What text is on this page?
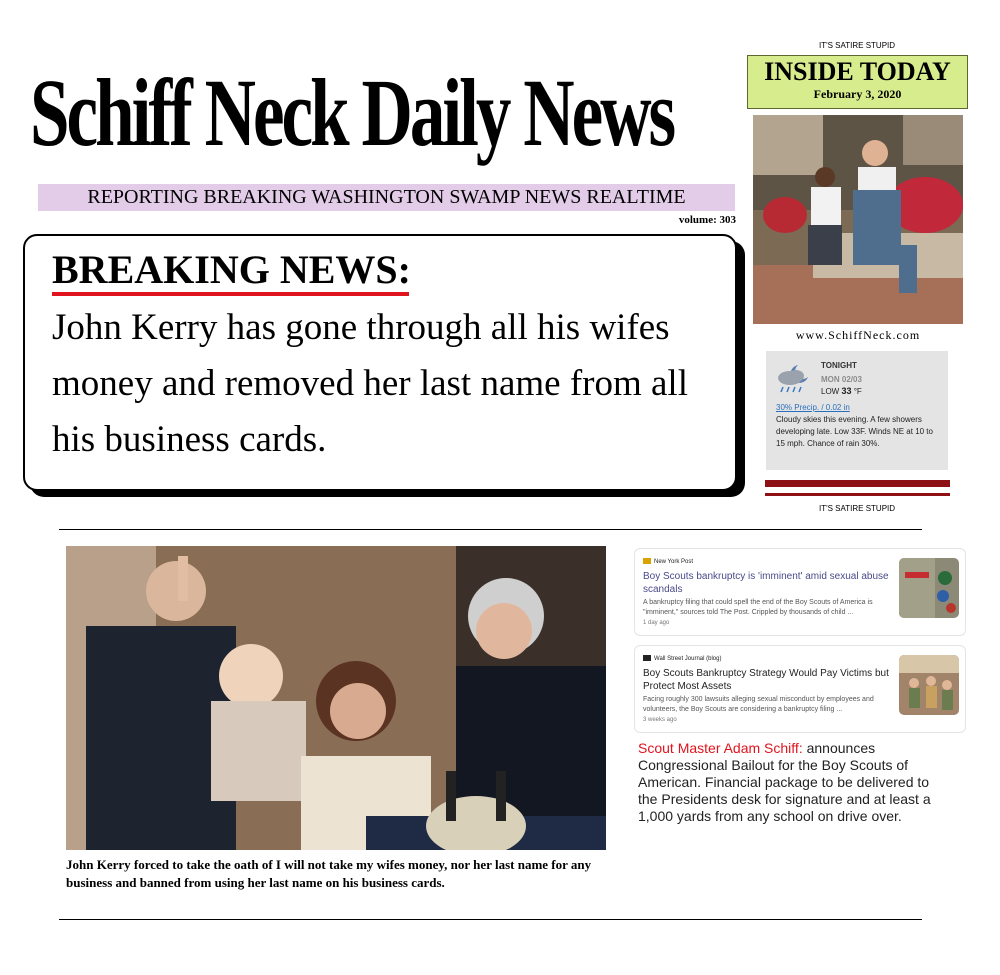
IT'S SATIRE STUPID
Schiff Neck Daily News
REPORTING BREAKING WASHINGTON SWAMP NEWS REALTIME
volume: 303
BREAKING NEWS:
John Kerry has gone through all his wifes money and removed her last name from all his business cards.
INSIDE TODAY
February 3, 2020
www.SchiffNeck.com
TONIGHT
MON 02/03
LOW 33 °F
30% Precip. / 0.02 in
Cloudy skies this evening. A few showers developing late. Low 33F. Winds NE at 10 to 15 mph. Chance of rain 30%.
IT'S SATIRE STUPID
John Kerry forced to take the oath of I will not take my wifes money, nor her last name for any business and banned from using her last name on his business cards.
New York Post
Boy Scouts bankruptcy is 'imminent' amid sexual abuse scandals
A bankruptcy filing that could spell the end of the Boy Scouts of America is "imminent," sources told The Post. Crippled by thousands of child ...
1 day ago
Wall Street Journal (blog)
Boy Scouts Bankruptcy Strategy Would Pay Victims but Protect Most Assets
Facing roughly 300 lawsuits alleging sexual misconduct by employees and volunteers, the Boy Scouts are considering a bankruptcy filing ...
3 weeks ago
Scout Master Adam Schiff: announces Congressional Bailout for the Boy Scouts of American. Financial package to be delivered to the Presidents desk for signature and at least a 1,000 yards from any school on drive over.
